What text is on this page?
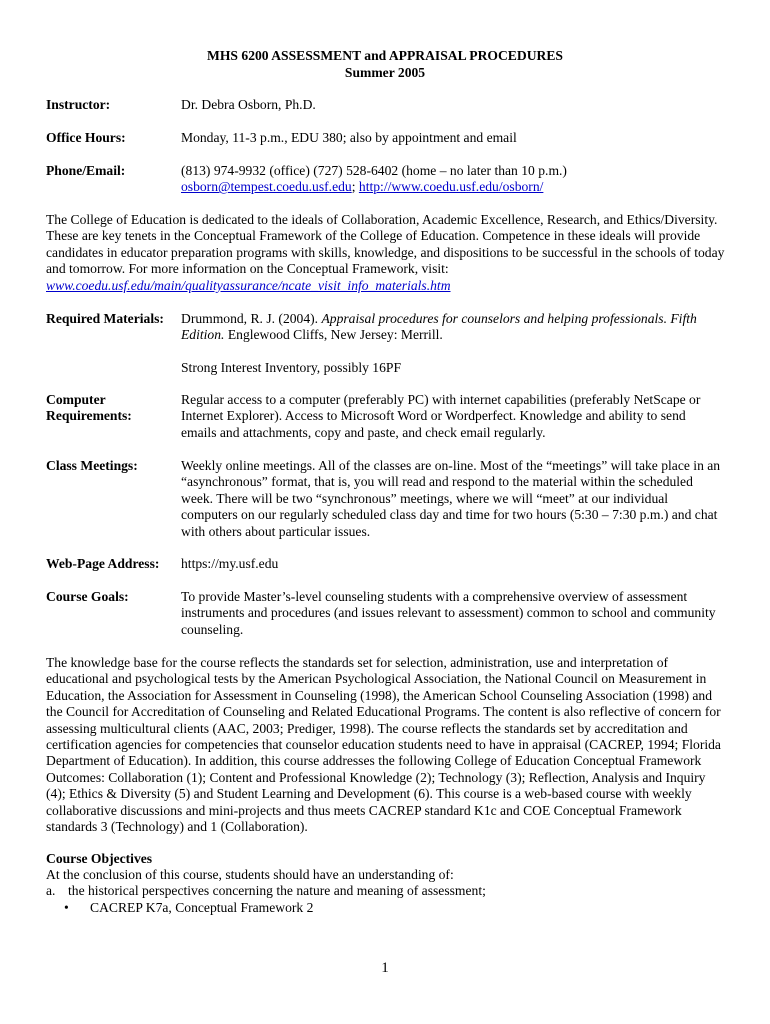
MHS 6200 ASSESSMENT and APPRAISAL PROCEDURES
Summer 2005
Instructor:	Dr. Debra Osborn, Ph.D.
Office Hours:	Monday, 11-3 p.m., EDU 380; also by appointment and email
Phone/Email:	(813) 974-9932 (office) (727) 528-6402 (home – no later than 10 p.m.)
osborn@tempest.coedu.usf.edu; http://www.coedu.usf.edu/osborn/
The College of Education is dedicated to the ideals of Collaboration, Academic Excellence, Research, and Ethics/Diversity. These are key tenets in the Conceptual Framework of the College of Education. Competence in these ideals will provide candidates in educator preparation programs with skills, knowledge, and dispositions to be successful in the schools of today and tomorrow. For more information on the Conceptual Framework, visit:
www.coedu.usf.edu/main/qualityassurance/ncate_visit_info_materials.htm
Required Materials: Drummond, R. J. (2004). Appraisal procedures for counselors and helping professionals. Fifth Edition. Englewood Cliffs, New Jersey: Merrill.
Strong Interest Inventory, possibly 16PF
Computer
Requirements:
Regular access to a computer (preferably PC) with internet capabilities (preferably NetScape or Internet Explorer). Access to Microsoft Word or Wordperfect. Knowledge and ability to send emails and attachments, copy and paste, and check email regularly.
Class Meetings:	Weekly online meetings. All of the classes are on-line. Most of the “meetings” will take place in an “asynchronous” format, that is, you will read and respond to the material within the scheduled week. There will be two “synchronous” meetings, where we will “meet” at our individual computers on our regularly scheduled class day and time for two hours (5:30 – 7:30 p.m.) and chat with others about particular issues.
Web-Page Address: https://my.usf.edu
Course Goals:	To provide Master’s-level counseling students with a comprehensive overview of assessment instruments and procedures (and issues relevant to assessment) common to school and community counseling.
The knowledge base for the course reflects the standards set for selection, administration, use and interpretation of educational and psychological tests by the American Psychological Association, the National Council on Measurement in Education, the Association for Assessment in Counseling (1998), the American School Counseling Association (1998) and the Council for Accreditation of Counseling and Related Educational Programs. The content is also reflective of concern for assessing multicultural clients (AAC, 2003; Prediger, 1998). The course reflects the standards set by accreditation and certification agencies for competencies that counselor education students need to have in appraisal (CACREP, 1994; Florida Department of Education). In addition, this course addresses the following College of Education Conceptual Framework Outcomes: Collaboration (1); Content and Professional Knowledge (2); Technology (3); Reflection, Analysis and Inquiry (4); Ethics & Diversity (5) and Student Learning and Development (6). This course is a web-based course with weekly collaborative discussions and mini-projects and thus meets CACREP standard K1c and COE Conceptual Framework standards 3 (Technology) and 1 (Collaboration).
Course Objectives
At the conclusion of this course, students should have an understanding of:
a. the historical perspectives concerning the nature and meaning of assessment;
• CACREP K7a, Conceptual Framework 2
1
